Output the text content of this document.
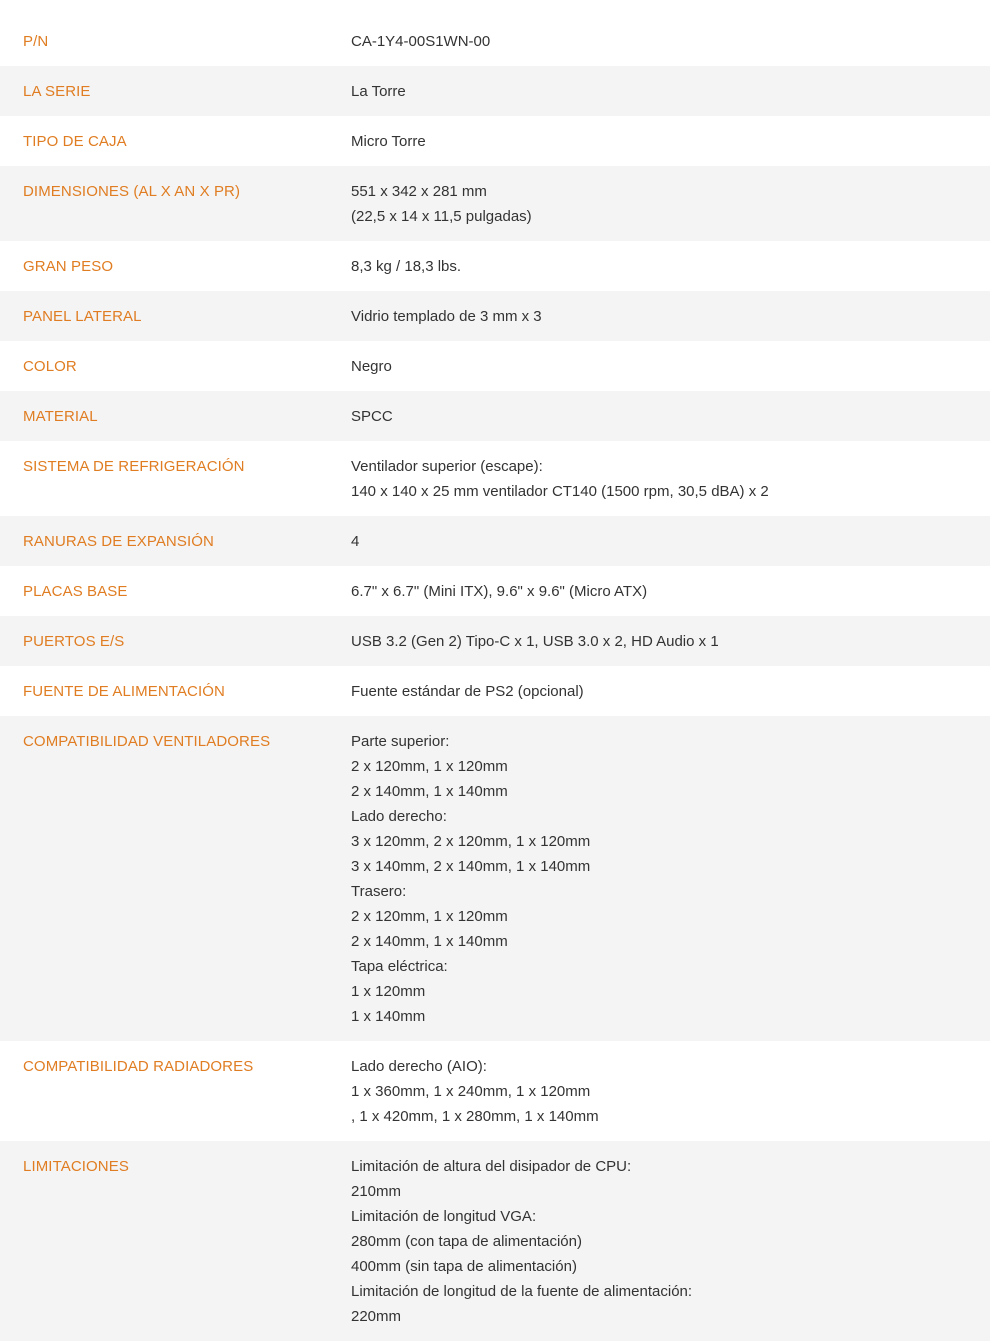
P/N	CA-1Y4-00S1WN-00
LA SERIE	La Torre
TIPO DE CAJA	Micro Torre
DIMENSIONES (AL X AN X PR)	551 x 342 x 281 mm
(22,5 x 14 x 11,5 pulgadas)
GRAN PESO	8,3 kg / 18,3 lbs.
PANEL LATERAL	Vidrio templado de 3 mm x 3
COLOR	Negro
MATERIAL	SPCC
SISTEMA DE REFRIGERACIÓN	Ventilador superior (escape):
140 x 140 x 25 mm ventilador CT140 (1500 rpm, 30,5 dBA) x 2
RANURAS DE EXPANSIÓN	4
PLACAS BASE	6.7" x 6.7" (Mini ITX), 9.6" x 9.6" (Micro ATX)
PUERTOS E/S	USB 3.2 (Gen 2) Tipo-C x 1, USB 3.0 x 2, HD Audio x 1
FUENTE DE ALIMENTACIÓN	Fuente estándar de PS2 (opcional)
COMPATIBILIDAD VENTILADORES	Parte superior:
2 x 120mm, 1 x 120mm
2 x 140mm, 1 x 140mm
Lado derecho:
3 x 120mm, 2 x 120mm, 1 x 120mm
3 x 140mm, 2 x 140mm, 1 x 140mm
Trasero:
2 x 120mm, 1 x 120mm
2 x 140mm, 1 x 140mm
Tapa eléctrica:
1 x 120mm
1 x 140mm
COMPATIBILIDAD RADIADORES	Lado derecho (AIO):
1 x 360mm, 1 x 240mm, 1 x 120mm
, 1 x 420mm, 1 x 280mm, 1 x 140mm
LIMITACIONES	Limitación de altura del disipador de CPU:
210mm
Limitación de longitud VGA:
280mm (con tapa de alimentación)
400mm (sin tapa de alimentación)
Limitación de longitud de la fuente de alimentación:
220mm
